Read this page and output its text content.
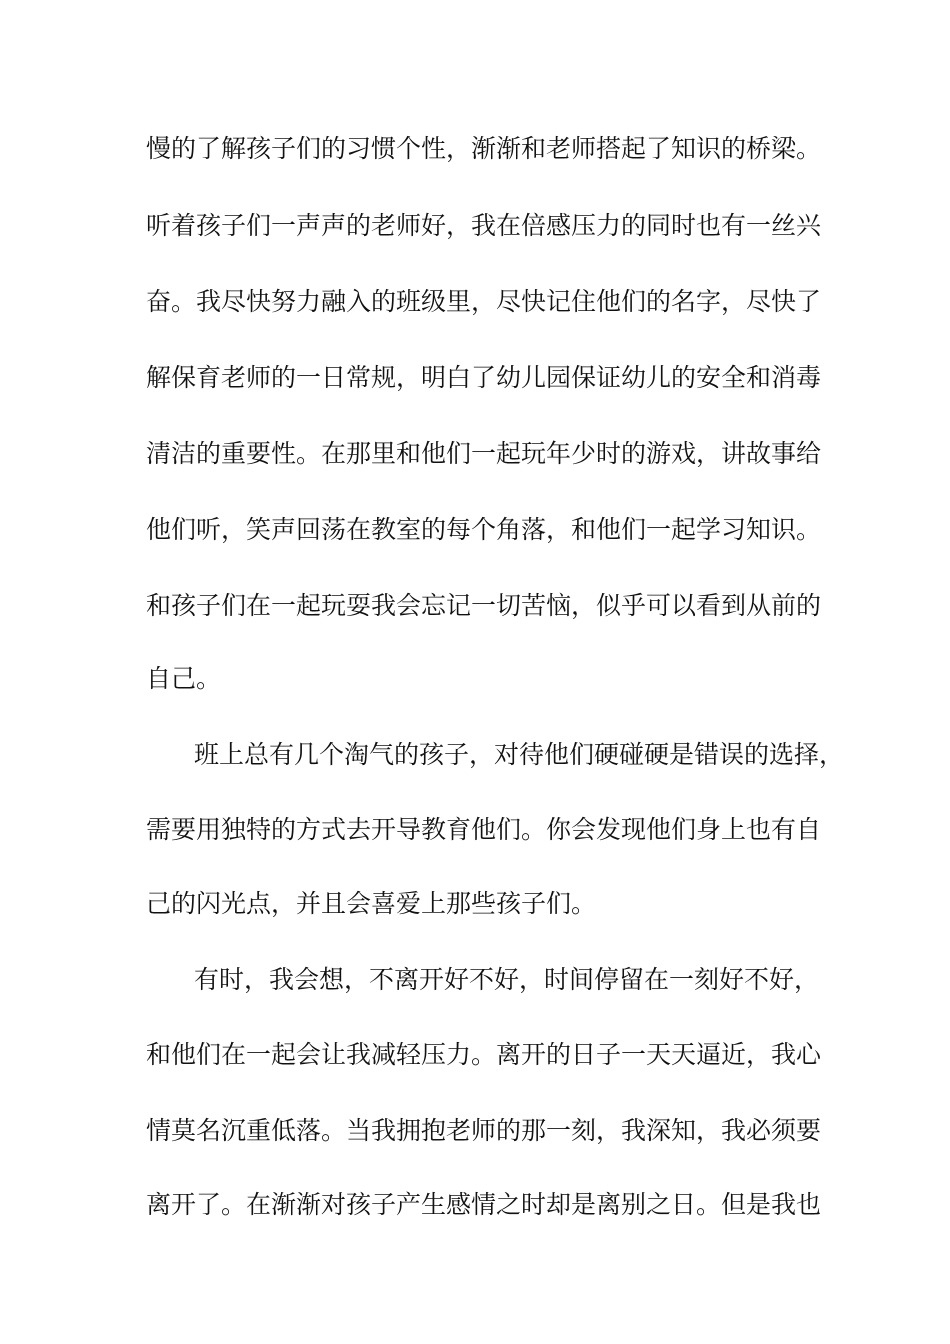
慢的了解孩子们的习惯个性，渐渐和老师搭起了知识的桥梁。

听着孩子们一声声的老师好，我在倍感压力的同时也有一丝兴

奋。我尽快努力融入的班级里，尽快记住他们的名字，尽快了

解保育老师的一日常规，明白了幼儿园保证幼儿的安全和消毒

清洁的重要性。在那里和他们一起玩年少时的游戏，讲故事给

他们听，笑声回荡在教室的每个角落，和他们一起学习知识。

和孩子们在一起玩耍我会忘记一切苦恼，似乎可以看到从前的

自己。

班上总有几个淘气的孩子，对待他们硬碰硬是错误的选择，

需要用独特的方式去开导教育他们。你会发现他们身上也有自

己的闪光点，并且会喜爱上那些孩子们。

有时，我会想，不离开好不好，时间停留在一刻好不好，

和他们在一起会让我减轻压力。离开的日子一天天逼近，我心

情莫名沉重低落。当我拥抱老师的那一刻，我深知，我必须要

离开了。在渐渐对孩子产生感情之时却是离别之日。但是我也
